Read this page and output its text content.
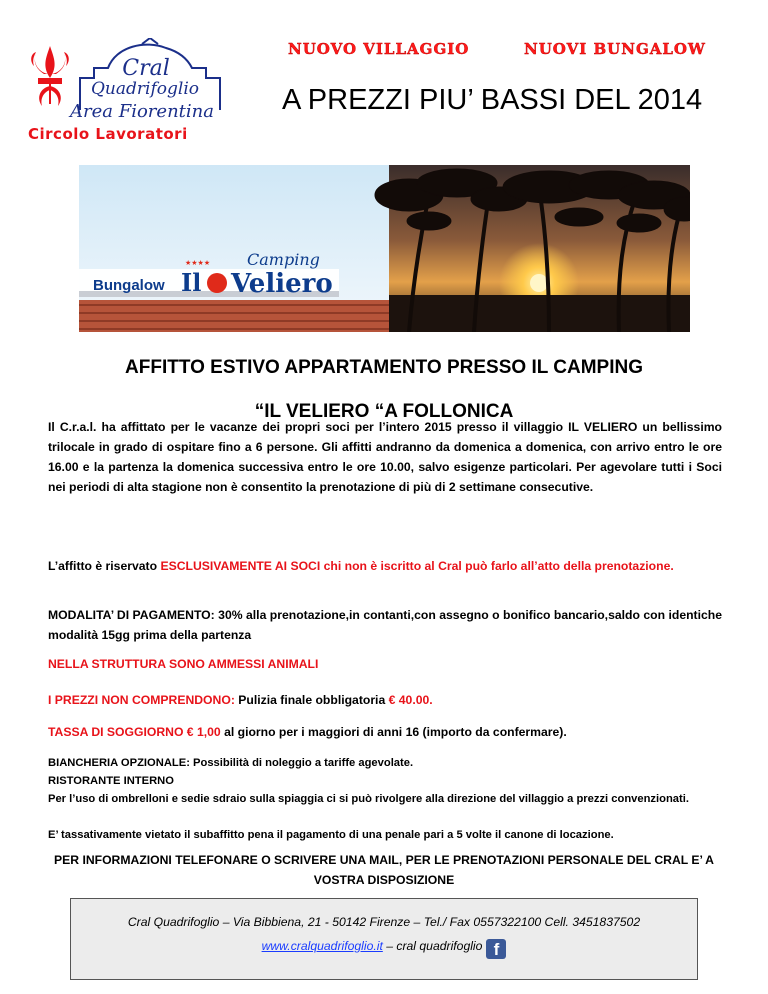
Cral
Quadrifoglio
Area Fiorentina
Circolo Lavoratori
NUOVO VILLAGGIO	NUOVI BUNGALOW
A PREZZI PIU’ BASSI DEL 2014
Bungalow Il Veliero
★★★★ Camping
AFFITTO ESTIVO APPARTAMENTO PRESSO IL CAMPING
“IL VELIERO “A FOLLONICA
Il C.r.a.l. ha affittato per le vacanze dei propri soci per l’intero 2015 presso il villaggio IL VELIERO un bellissimo trilocale in grado di ospitare fino a 6 persone. Gli affitti andranno da domenica a domenica, con arrivo entro le ore 16.00 e la partenza la domenica successiva entro le ore 10.00, salvo esigenze particolari. Per agevolare tutti i Soci nei periodi di alta stagione non è consentito la prenotazione di più di 2 settimane consecutive.
L’affitto è riservato ESCLUSIVAMENTE AI SOCI chi non è iscritto al Cral può farlo all’atto della prenotazione.
MODALITA’ DI PAGAMENTO: 30% alla prenotazione,in contanti,con assegno o bonifico bancario,saldo con identiche modalità 15gg prima della partenza
NELLA STRUTTURA SONO AMMESSI ANIMALI
I PREZZI NON COMPRENDONO: Pulizia finale obbligatoria € 40.00.
TASSA DI SOGGIORNO € 1,00 al giorno per i maggiori di anni 16 (importo da confermare).
BIANCHERIA OPZIONALE: Possibilità di noleggio a tariffe agevolate.
RISTORANTE INTERNO
Per l’uso di ombrelloni e sedie sdraio sulla spiaggia ci si può rivolgere alla direzione del villaggio a prezzi convenzionati.
E’ tassativamente vietato il subaffitto pena il pagamento di una penale pari a 5 volte il canone di locazione.
PER INFORMAZIONI TELEFONARE O SCRIVERE UNA MAIL, PER LE PRENOTAZIONI PERSONALE DEL CRAL E’ A VOSTRA DISPOSIZIONE
Cral Quadrifoglio – Via Bibbiena, 21 - 50142 Firenze – Tel./ Fax 0557322100 Cell. 3451837502
www.cralquadrifoglio.it – cral quadrifoglio f
